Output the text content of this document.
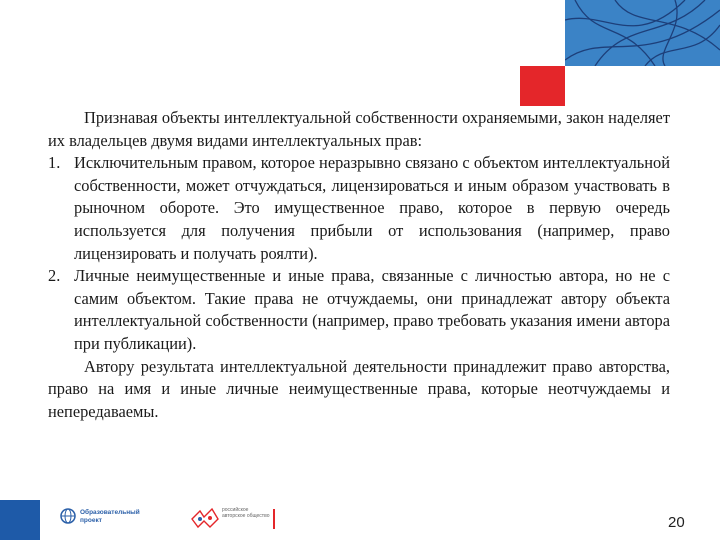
Признавая объекты интеллектуальной собственности охраняемыми, закон наделяет их владельцев двумя видами интеллектуальных прав:

1. Исключительным правом, которое неразрывно связано с объектом интеллектуальной собственности, может отчуждаться, лицензироваться и иным образом участвовать в рыночном обороте. Это имущественное право, которое в первую очередь используется для получения прибыли от использования (например, право лицензировать и получать роялти).
2. Личные неимущественные и иные права, связанные с личностью автора, но не с самим объектом. Такие права не отчуждаемы, они принадлежат автору объекта интеллектуальной собственности (например, право требовать указания имени автора при публикации).

Автору результата интеллектуальной деятельности принадлежит право авторства, право на имя и иные личные неимущественные права, которые неотчуждаемы и непередаваемы.

Образовательный проект
российское авторское общество	20
